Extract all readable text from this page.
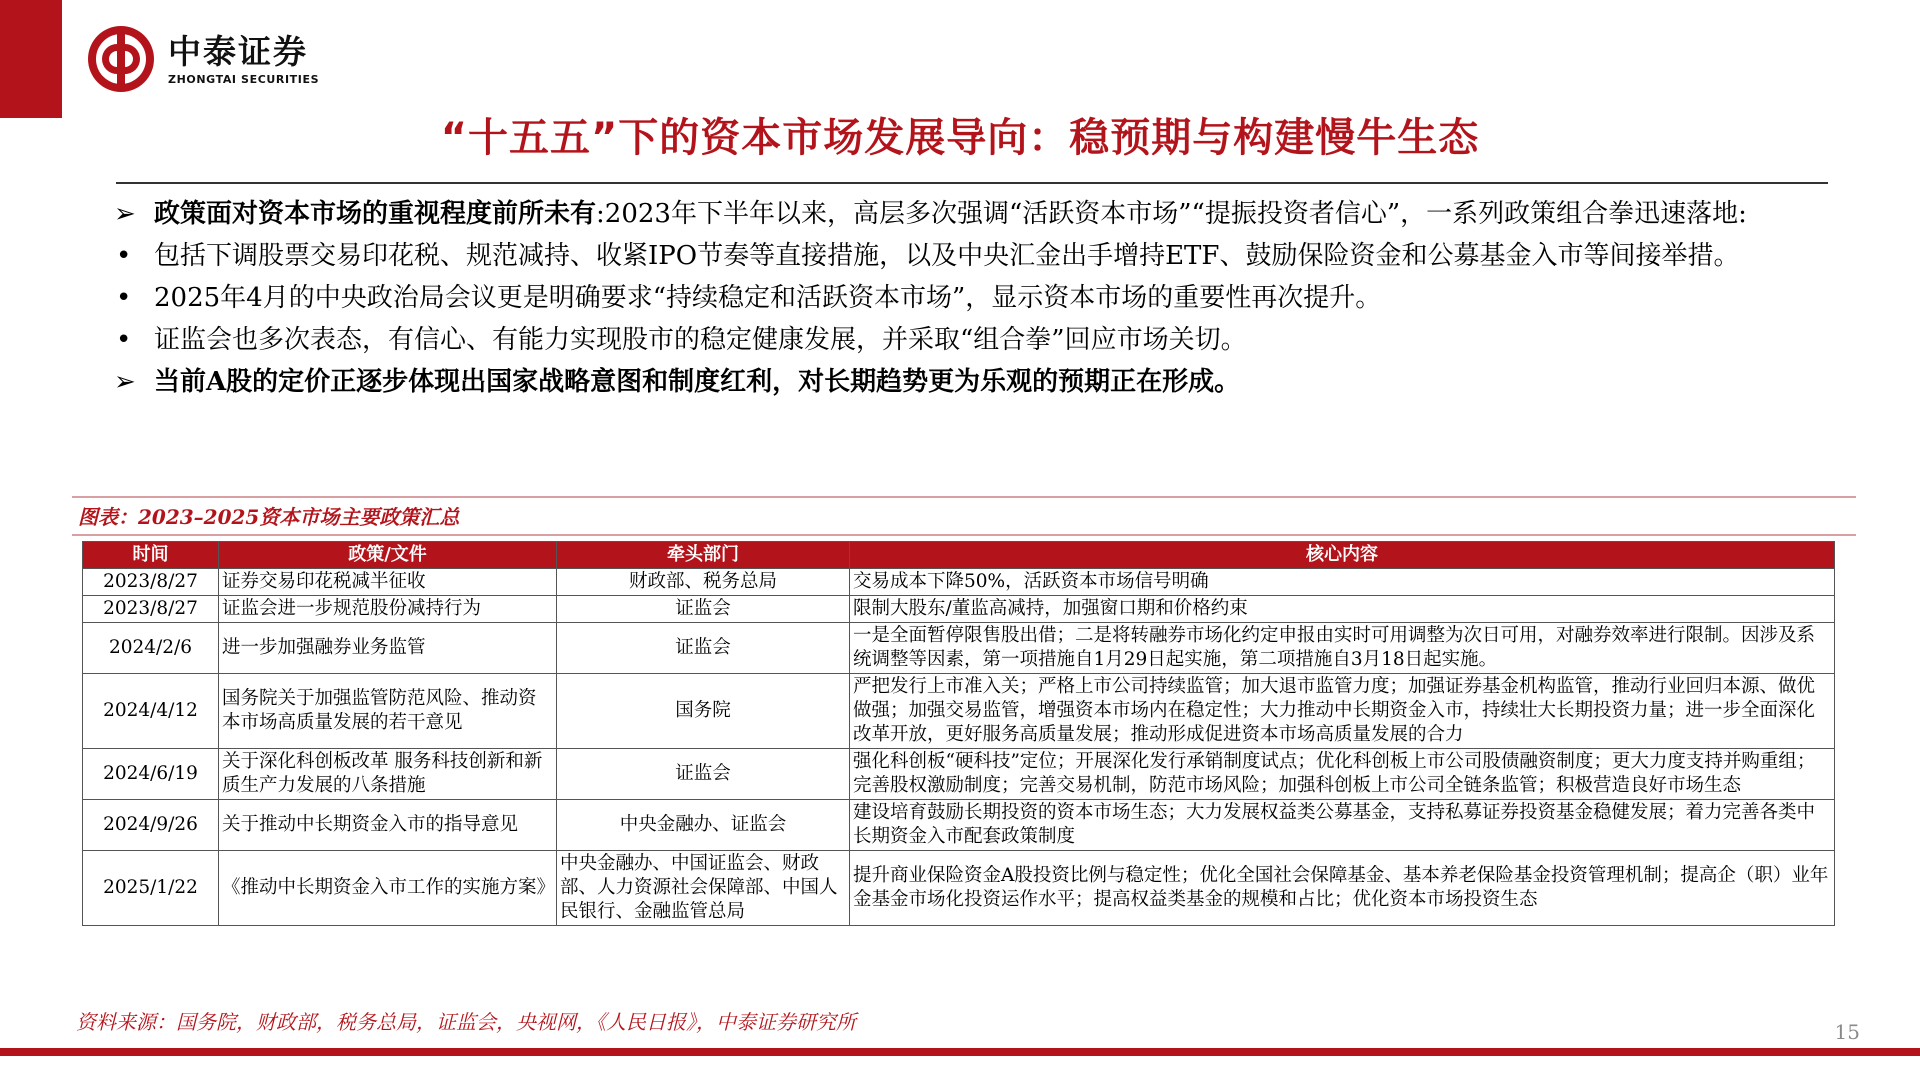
中泰证券
ZHONGTAI SECURITIES
“十五五”下的资本市场发展导向：稳预期与构建慢牛生态
➢ 政策面对资本市场的重视程度前所未有:2023年下半年以来，高层多次强调“活跃资本市场”“提振投资者信心”，一系列政策组合拳迅速落地:
• 包括下调股票交易印花税、规范减持、收紧IPO节奏等直接措施，以及中央汇金出手增持ETF、鼓励保险资金和公募基金入市等间接举措。
• 2025年4月的中央政治局会议更是明确要求“持续稳定和活跃资本市场”，显示资本市场的重要性再次提升。
• 证监会也多次表态，有信心、有能力实现股市的稳定健康发展，并采取“组合拳”回应市场关切。
➢ 当前A股的定价正逐步体现出国家战略意图和制度红利，对长期趋势更为乐观的预期正在形成。
图表：2023–2025资本市场主要政策汇总
时间	政策/文件	牵头部门	核心内容
2023/8/27	证券交易印花税减半征收	财政部、税务总局	交易成本下降50%，活跃资本市场信号明确
2023/8/27	证监会进一步规范股份减持行为	证监会	限制大股东/董监高减持，加强窗口期和价格约束
2024/2/6	进一步加强融券业务监管	证监会	一是全面暂停限售股出借；二是将转融券市场化约定申报由实时可用调整为次日可用，对融券效率进行限制。因涉及系统调整等因素，第一项措施自1月29日起实施，第二项措施自3月18日起实施。
2024/4/12	国务院关于加强监管防范风险、推动资本市场高质量发展的若干意见	国务院	严把发行上市准入关；严格上市公司持续监管；加大退市监管力度；加强证券基金机构监管，推动行业回归本源、做优做强；加强交易监管，增强资本市场内在稳定性；大力推动中长期资金入市，持续壮大长期投资力量；进一步全面深化改革开放，更好服务高质量发展；推动形成促进资本市场高质量发展的合力
2024/6/19	关于深化科创板改革 服务科技创新和新质生产力发展的八条措施	证监会	强化科创板“硬科技”定位；开展深化发行承销制度试点；优化科创板上市公司股债融资制度；更大力度支持并购重组；完善股权激励制度；完善交易机制，防范市场风险；加强科创板上市公司全链条监管；积极营造良好市场生态
2024/9/26	关于推动中长期资金入市的指导意见	中央金融办、证监会	建设培育鼓励长期投资的资本市场生态；大力发展权益类公募基金，支持私募证券投资基金稳健发展；着力完善各类中长期资金入市配套政策制度
2025/1/22	《推动中长期资金入市工作的实施方案》	中央金融办、中国证监会、财政部、人力资源社会保障部、中国人民银行、金融监管总局	提升商业保险资金A股投资比例与稳定性；优化全国社会保障基金、基本养老保险基金投资管理机制；提高企（职）业年金基金市场化投资运作水平；提高权益类基金的规模和占比；优化资本市场投资生态
资料来源：国务院，财政部，税务总局，证监会，央视网，《人民日报》，中泰证券研究所	15
